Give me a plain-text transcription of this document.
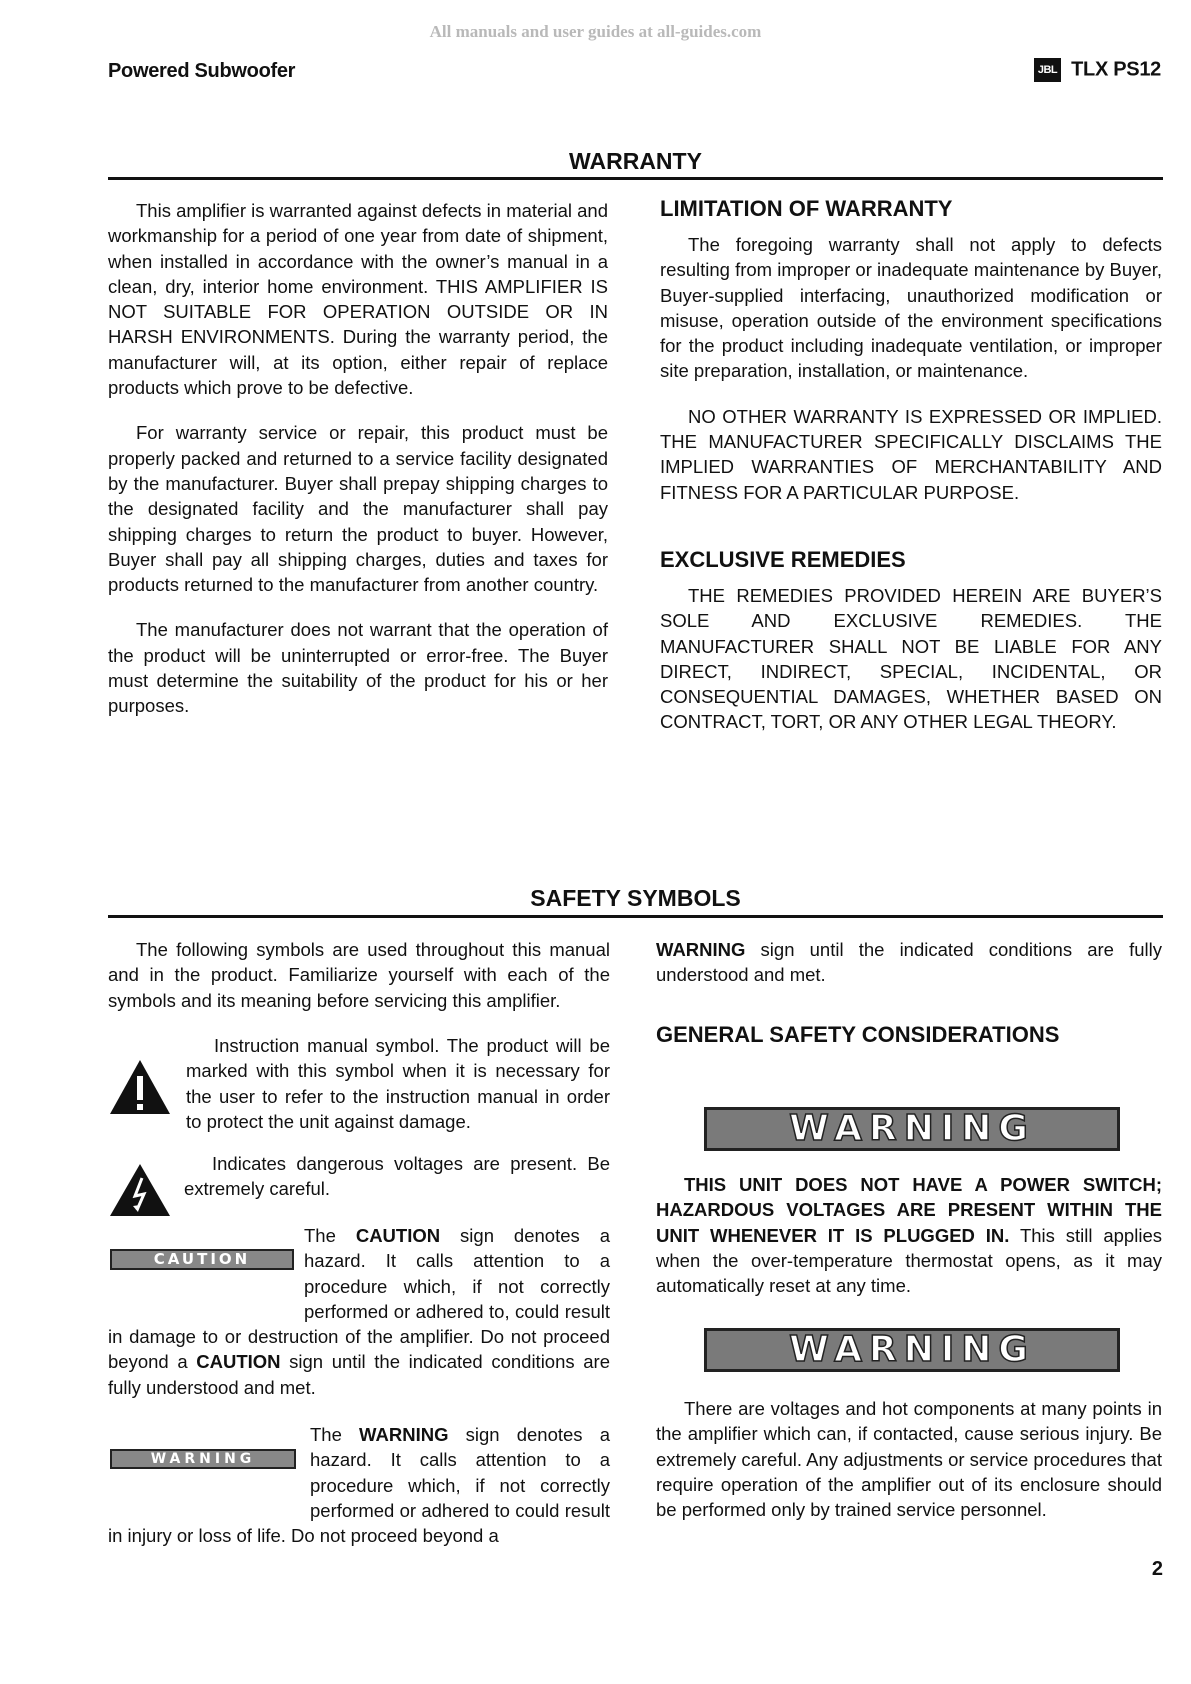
All manuals and user guides at all-guides.com
Powered Subwoofer	JBL TLX PS12
WARRANTY

This amplifier is warranted against defects in material and workmanship for a period of one year from date of shipment, when installed in accordance with the owner’s manual in a clean, dry, interior home environment. THIS AMPLIFIER IS NOT SUITABLE FOR OPERATION OUTSIDE OR IN HARSH ENVIRONMENTS. During the warranty period, the manufacturer will, at its option, either repair of replace products which prove to be defective.

For warranty service or repair, this product must be properly packed and returned to a service facility designated by the manufacturer. Buyer shall prepay shipping charges to the designated facility and the manufacturer shall pay shipping charges to return the product to buyer. However, Buyer shall pay all shipping charges, duties and taxes for products returned to the manufacturer from another country.

The manufacturer does not warrant that the operation of the product will be uninterrupted or error-free. The Buyer must determine the suitability of the product for his or her purposes.

LIMITATION OF WARRANTY

The foregoing warranty shall not apply to defects resulting from improper or inadequate maintenance by Buyer, Buyer-supplied interfacing, unauthorized modification or misuse, operation outside of the environment specifications for the product including inadequate ventilation, or improper site preparation, installation, or maintenance.

NO OTHER WARRANTY IS EXPRESSED OR IMPLIED. THE MANUFACTURER SPECIFICALLY DISCLAIMS THE IMPLIED WARRANTIES OF MERCHANTABILITY AND FITNESS FOR A PARTICULAR PURPOSE.

EXCLUSIVE REMEDIES

THE REMEDIES PROVIDED HEREIN ARE BUYER’S SOLE AND EXCLUSIVE REMEDIES. THE MANUFACTURER SHALL NOT BE LIABLE FOR ANY DIRECT, INDIRECT, SPECIAL, INCIDENTAL, OR CONSEQUENTIAL DAMAGES, WHETHER BASED ON CONTRACT, TORT, OR ANY OTHER LEGAL THEORY.

SAFETY SYMBOLS

The following symbols are used throughout this manual and in the product. Familiarize yourself with each of the symbols and its meaning before servicing this amplifier.

Instruction manual symbol. The product will be marked with this symbol when it is necessary for the user to refer to the instruction manual in order to protect the unit against damage.

Indicates dangerous voltages are present. Be extremely careful.

CAUTION

The CAUTION sign denotes a hazard. It calls attention to a procedure which, if not correctly performed or adhered to, could result in damage to or destruction of the amplifier. Do not proceed beyond a CAUTION sign until the indicated conditions are fully understood and met.

WARNING

The WARNING sign denotes a hazard. It calls attention to a procedure which, if not correctly performed or adhered to could result in injury or loss of life. Do not proceed beyond a

WARNING sign until the indicated conditions are fully understood and met.

GENERAL SAFETY CONSIDERATIONS

WARNING

THIS UNIT DOES NOT HAVE A POWER SWITCH; HAZARDOUS VOLTAGES ARE PRESENT WITHIN THE UNIT WHENEVER IT IS PLUGGED IN. This still applies when the over-temperature thermostat opens, as it may automatically reset at any time.

WARNING

There are voltages and hot components at many points in the amplifier which can, if contacted, cause serious injury. Be extremely careful. Any adjustments or service procedures that require operation of the amplifier out of its enclosure should be performed only by trained service personnel.

2
